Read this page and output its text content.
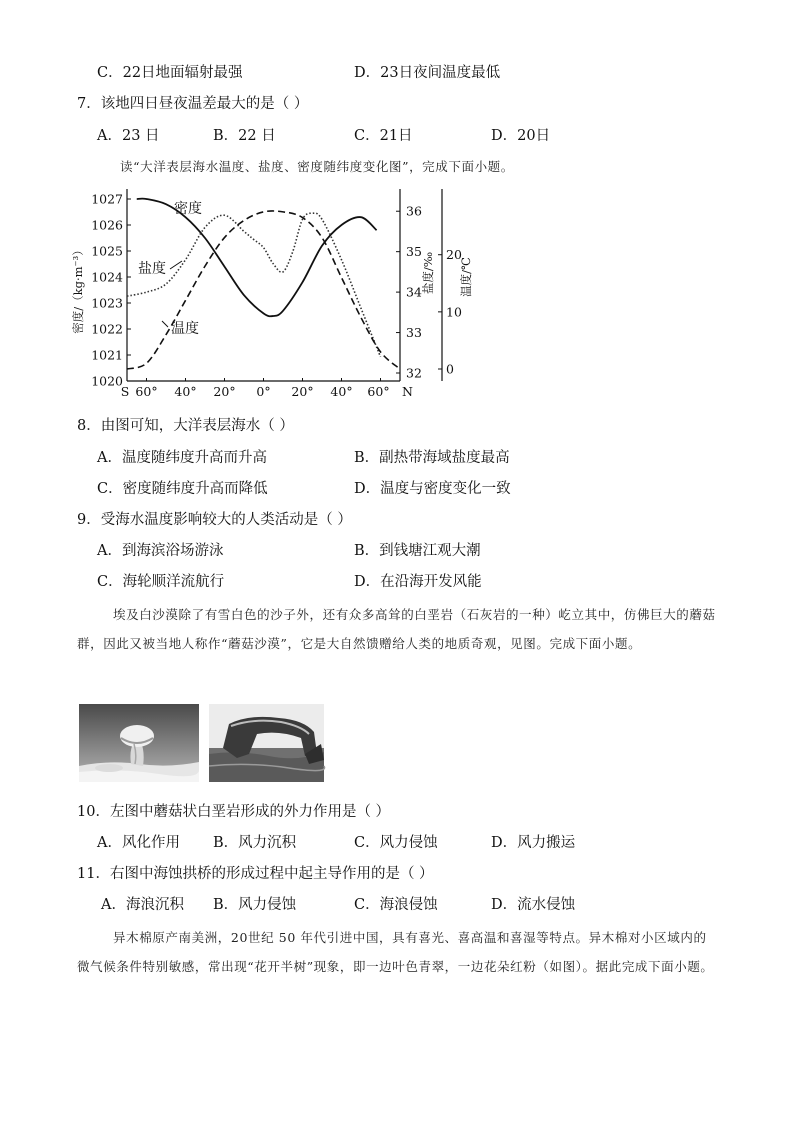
C．22日地面辐射最强	D．23日夜间温度最低
7．该地四日昼夜温差最大的是（ ）
A．23 日	B．22 日	C．21日	D．20日
读“大洋表层海水温度、盐度、密度随纬度变化图”，完成下面小题。
1020
1021
1022
1023
1024
1025
1026
1027
密度/（kg·m⁻³）
32
33
34
35
36
盐度/‰
0
10
20
温度/℃
S 60° 40° 20° 0° 20° 40° 60° N
密度
盐度
温度
8．由图可知，大洋表层海水（ ）
A．温度随纬度升高而升高	B．副热带海域盐度最高
C．密度随纬度升高而降低	D．温度与密度变化一致
9．受海水温度影响较大的人类活动是（ ）
A．到海滨浴场游泳	B．到钱塘江观大潮
C．海轮顺洋流航行	D．在沿海开发风能
埃及白沙漠除了有雪白色的沙子外，还有众多高耸的白垩岩（石灰岩的一种）屹立其中，仿佛巨大的蘑菇群，因此又被当地人称作“蘑菇沙漠”，它是大自然馈赠给人类的地质奇观，见图。完成下面小题。
10．左图中蘑菇状白垩岩形成的外力作用是（ ）
A．风化作用 B．风力沉积	C．风力侵蚀	D．风力搬运
11．右图中海蚀拱桥的形成过程中起主导作用的是（ ）
A．海浪沉积 B．风力侵蚀	C．海浪侵蚀	D．流水侵蚀
异木棉原产南美洲，20世纪 50 年代引进中国，具有喜光、喜高温和喜湿等特点。异木棉对小区域内的微气候条件特别敏感，常出现“花开半树”现象，即一边叶色青翠，一边花朵红粉（如图）。据此完成下面小题。
